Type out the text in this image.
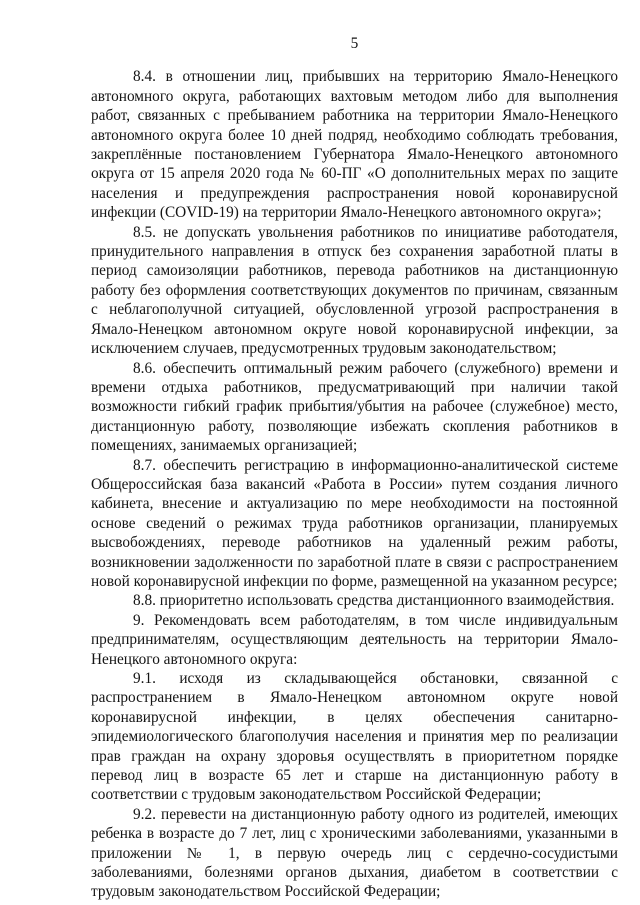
5

8.4. в отношении лиц, прибывших на территорию Ямало-Ненецкого автономного округа, работающих вахтовым методом либо для выполнения работ, связанных с пребыванием работника на территории Ямало-Ненецкого автономного округа более 10 дней подряд, необходимо соблюдать требования, закреплённые постановлением Губернатора Ямало-Ненецкого автономного округа от 15 апреля 2020 года № 60-ПГ «О дополнительных мерах по защите населения и предупреждения распространения новой коронавирусной инфекции (COVID-19) на территории Ямало-Ненецкого автономного округа»;

8.5. не допускать увольнения работников по инициативе работодателя, принудительного направления в отпуск без сохранения заработной платы в период самоизоляции работников, перевода работников на дистанционную работу без оформления соответствующих документов по причинам, связанным с неблагополучной ситуацией, обусловленной угрозой распространения в Ямало-Ненецком автономном округе новой коронавирусной инфекции, за исключением случаев, предусмотренных трудовым законодательством;

8.6. обеспечить оптимальный режим рабочего (служебного) времени и времени отдыха работников, предусматривающий при наличии такой возможности гибкий график прибытия/убытия на рабочее (служебное) место, дистанционную работу, позволяющие избежать скопления работников в помещениях, занимаемых организацией;

8.7. обеспечить регистрацию в информационно-аналитической системе Общероссийская база вакансий «Работа в России» путем создания личного кабинета, внесение и актуализацию по мере необходимости на постоянной основе сведений о режимах труда работников организации, планируемых высвобождениях, переводе работников на удаленный режим работы, возникновении задолженности по заработной плате в связи с распространением новой коронавирусной инфекции по форме, размещенной на указанном ресурсе;

8.8. приоритетно использовать средства дистанционного взаимодействия.

9. Рекомендовать всем работодателям, в том числе индивидуальным предпринимателям, осуществляющим деятельность на территории Ямало-Ненецкого автономного округа:

9.1. исходя из складывающейся обстановки, связанной с распространением в Ямало-Ненецком автономном округе новой коронавирусной инфекции, в целях обеспечения санитарно-эпидемиологического благополучия населения и принятия мер по реализации прав граждан на охрану здоровья осуществлять в приоритетном порядке перевод лиц в возрасте 65 лет и старше на дистанционную работу в соответствии с трудовым законодательством Российской Федерации;

9.2. перевести на дистанционную работу одного из родителей, имеющих ребенка в возрасте до 7 лет, лиц с хроническими заболеваниями, указанными в приложении № 1, в первую очередь лиц с сердечно-сосудистыми заболеваниями, болезнями органов дыхания, диабетом в соответствии с трудовым законодательством Российской Федерации;
